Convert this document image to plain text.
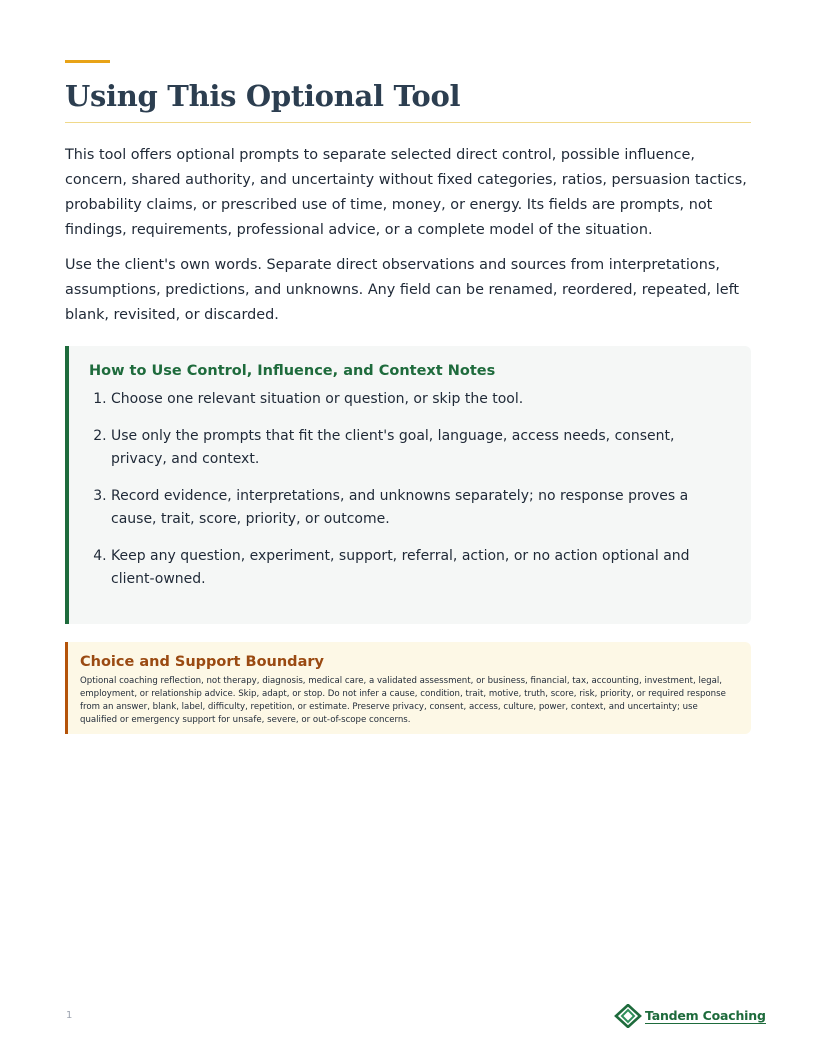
Using This Optional Tool

This tool offers optional prompts to separate selected direct control, possible influence, concern, shared authority, and uncertainty without fixed categories, ratios, persuasion tactics, probability claims, or prescribed use of time, money, or energy. Its fields are prompts, not findings, requirements, professional advice, or a complete model of the situation.

Use the client's own words. Separate direct observations and sources from interpretations, assumptions, predictions, and unknowns. Any field can be renamed, reordered, repeated, left blank, revisited, or discarded.

How to Use Control, Influence, and Context Notes
1. Choose one relevant situation or question, or skip the tool.
2. Use only the prompts that fit the client's goal, language, access needs, consent, privacy, and context.
3. Record evidence, interpretations, and unknowns separately; no response proves a cause, trait, score, priority, or outcome.
4. Keep any question, experiment, support, referral, action, or no action optional and client-owned.
Choice and Support Boundary

Optional coaching reflection, not therapy, diagnosis, medical care, a validated assessment, or business, financial, tax, accounting, investment, legal, employment, or relationship advice. Skip, adapt, or stop. Do not infer a cause, condition, trait, motive, truth, score, risk, priority, or required response from an answer, blank, label, difficulty, repetition, or estimate. Preserve privacy, consent, access, culture, power, context, and uncertainty; use qualified or emergency support for unsafe, severe, or out-of-scope concerns.

1	Tandem Coaching
